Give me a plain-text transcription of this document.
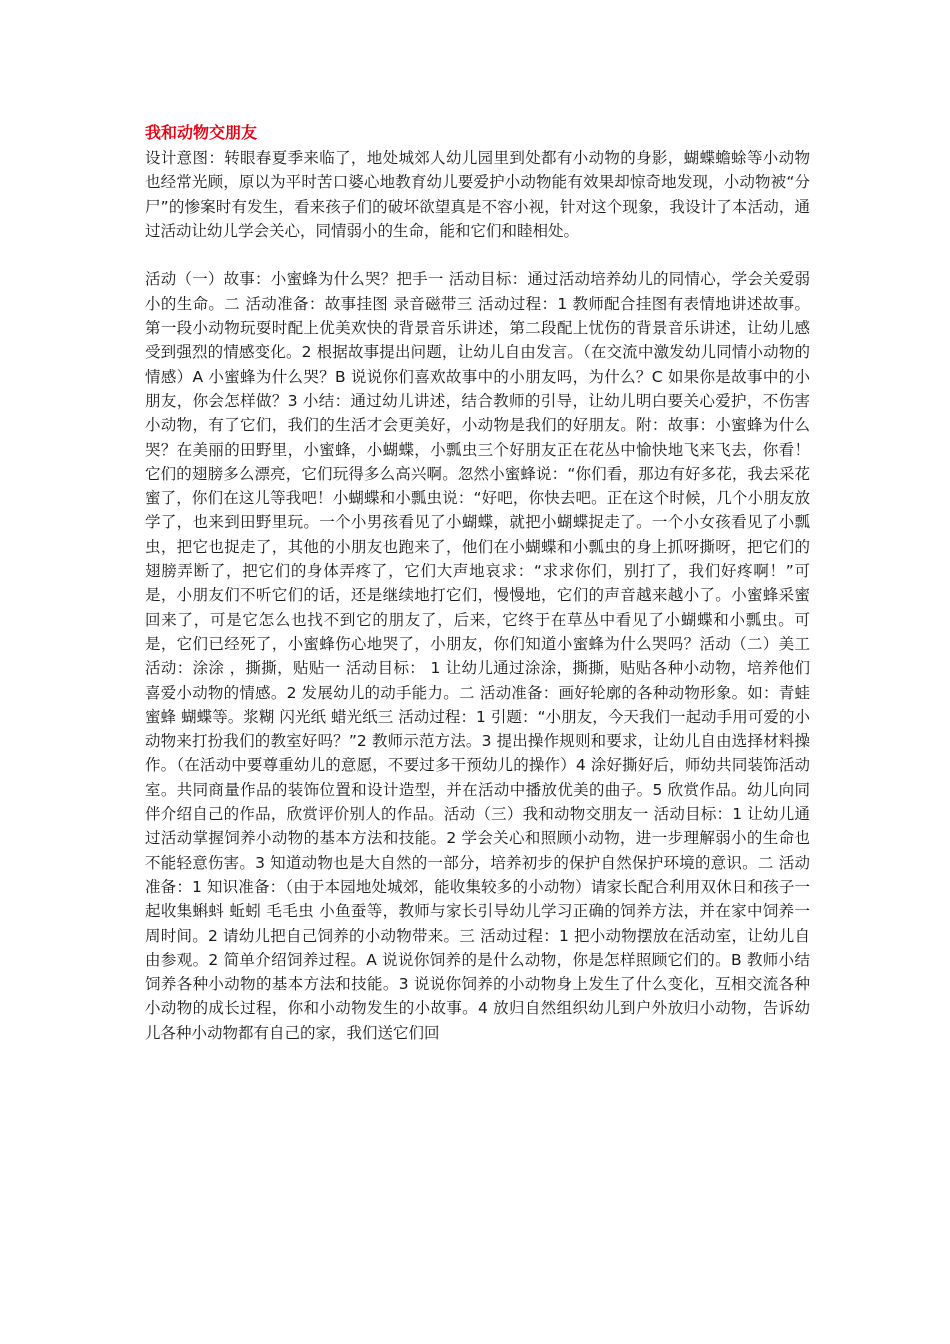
我和动物交朋友

设计意图：转眼春夏季来临了，地处城郊人幼儿园里到处都有小动物的身影，蝴蝶蟾蜍等小动物也经常光顾，原以为平时苦口婆心地教育幼儿要爱护小动物能有效果却惊奇地发现，小动物被“分尸”的惨案时有发生，看来孩子们的破坏欲望真是不容小视，针对这个现象，我设计了本活动，通过活动让幼儿学会关心，同情弱小的生命，能和它们和睦相处。

活动（一）故事：小蜜蜂为什么哭？把手一 活动目标：通过活动培养幼儿的同情心，学会关爱弱小的生命。二 活动准备：故事挂图 录音磁带三 活动过程：1 教师配合挂图有表情地讲述故事。第一段小动物玩耍时配上优美欢快的背景音乐讲述，第二段配上忧伤的背景音乐讲述，让幼儿感受到强烈的情感变化。2 根据故事提出问题，让幼儿自由发言。（在交流中激发幼儿同情小动物的情感）A 小蜜蜂为什么哭？B 说说你们喜欢故事中的小朋友吗，为什么？C 如果你是故事中的小朋友，你会怎样做？3 小结：通过幼儿讲述，结合教师的引导，让幼儿明白要关心爱护，不伤害小动物，有了它们，我们的生活才会更美好，小动物是我们的好朋友。附：故事：小蜜蜂为什么哭？在美丽的田野里，小蜜蜂，小蝴蝶，小瓢虫三个好朋友正在花丛中愉快地飞来飞去，你看！它们的翅膀多么漂亮，它们玩得多么高兴啊。忽然小蜜蜂说：“你们看，那边有好多花，我去采花蜜了，你们在这儿等我吧！小蝴蝶和小瓢虫说：“好吧，你快去吧。正在这个时候，几个小朋友放学了，也来到田野里玩。一个小男孩看见了小蝴蝶，就把小蝴蝶捉走了。一个小女孩看见了小瓢虫，把它也捉走了，其他的小朋友也跑来了，他们在小蝴蝶和小瓢虫的身上抓呀撕呀，把它们的翅膀弄断了，把它们的身体弄疼了，它们大声地哀求：“求求你们，别打了，我们好疼啊！”可是，小朋友们不听它们的话，还是继续地打它们，慢慢地，它们的声音越来越小了。小蜜蜂采蜜回来了，可是它怎么也找不到它的朋友了，后来，它终于在草丛中看见了小蝴蝶和小瓢虫。可是，它们已经死了，小蜜蜂伤心地哭了，小朋友，你们知道小蜜蜂为什么哭吗？活动（二）美工活动：涂涂 ，撕撕，贴贴一 活动目标： 1 让幼儿通过涂涂，撕撕，贴贴各种小动物，培养他们喜爱小动物的情感。2 发展幼儿的动手能力。二 活动准备：画好轮廓的各种动物形象。如：青蛙 蜜蜂 蝴蝶等。浆糊 闪光纸 蜡光纸三 活动过程：1 引题：“小朋友，今天我们一起动手用可爱的小动物来打扮我们的教室好吗？”2 教师示范方法。3 提出操作规则和要求，让幼儿自由选择材料操作。（在活动中要尊重幼儿的意愿，不要过多干预幼儿的操作）4 涂好撕好后，师幼共同装饰活动室。共同商量作品的装饰位置和设计造型，并在活动中播放优美的曲子。5 欣赏作品。幼儿向同伴介绍自己的作品，欣赏评价别人的作品。活动（三）我和动物交朋友一 活动目标：1 让幼儿通过活动掌握饲养小动物的基本方法和技能。2 学会关心和照顾小动物，进一步理解弱小的生命也不能轻意伤害。3 知道动物也是大自然的一部分，培养初步的保护自然保护环境的意识。二 活动准备：1 知识准备：（由于本园地处城郊，能收集较多的小动物）请家长配合利用双休日和孩子一起收集蝌蚪 蚯蚓 毛毛虫 小鱼蚕等，教师与家长引导幼儿学习正确的饲养方法，并在家中饲养一周时间。2 请幼儿把自己饲养的小动物带来。三 活动过程：1 把小动物摆放在活动室，让幼儿自由参观。2 简单介绍饲养过程。A 说说你饲养的是什么动物，你是怎样照顾它们的。B 教师小结饲养各种小动物的基本方法和技能。3 说说你饲养的小动物身上发生了什么变化，互相交流各种小动物的成长过程，你和小动物发生的小故事。4 放归自然组织幼儿到户外放归小动物，告诉幼儿各种小动物都有自己的家，我们送它们回
